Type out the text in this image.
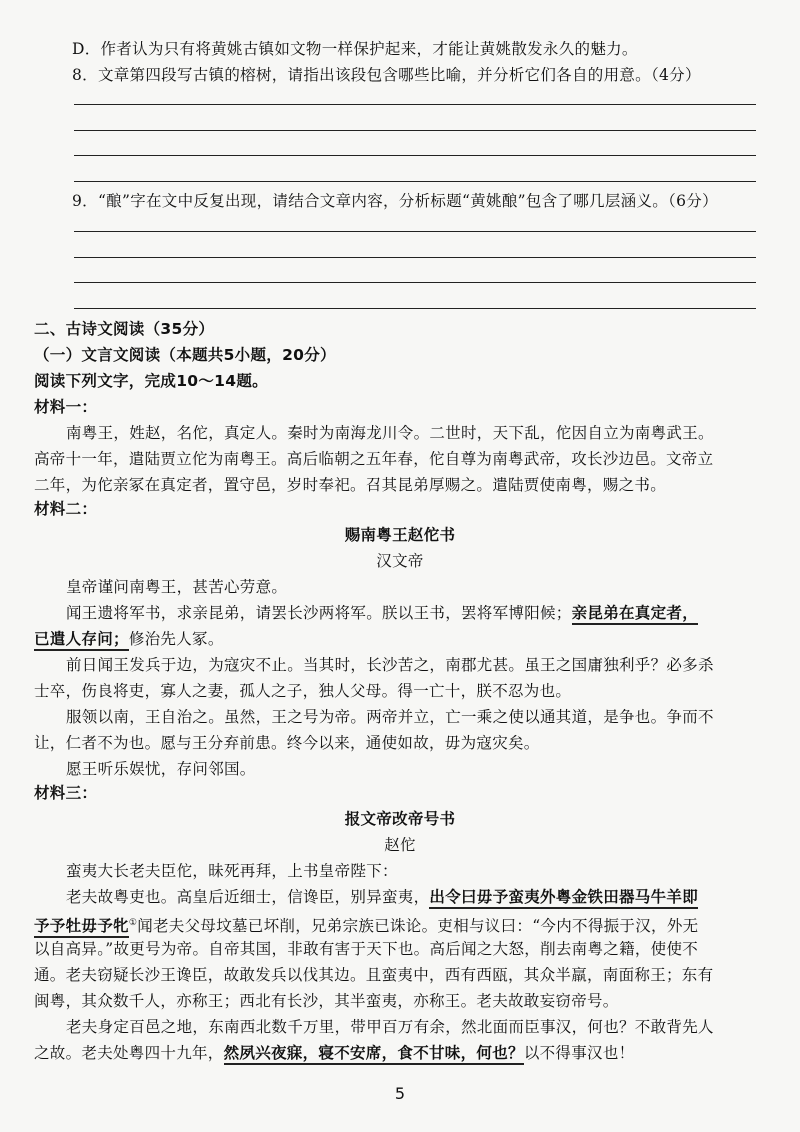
D．作者认为只有将黄姚古镇如文物一样保护起来，才能让黄姚散发永久的魅力。
8．文章第四段写古镇的榕树，请指出该段包含哪些比喻，并分析它们各自的用意。（4分）
9．“酿”字在文中反复出现，请结合文章内容，分析标题“黄姚酿”包含了哪几层涵义。（6分）
二、古诗文阅读（35分）
（一）文言文阅读（本题共5小题，20分）
阅读下列文字，完成10～14题。
材料一：
南粤王，姓赵，名佗，真定人。秦时为南海龙川令。二世时，天下乱，佗因自立为南粤武王。
高帝十一年，遣陆贾立佗为南粤王。高后临朝之五年春，佗自尊为南粤武帝，攻长沙边邑。文帝立
二年，为佗亲冢在真定者，置守邑，岁时奉祀。召其昆弟厚赐之。遣陆贾使南粤，赐之书。
材料二：
赐南粤王赵佗书
汉文帝
皇帝谨问南粤王，甚苦心劳意。
闻王遗将军书，求亲昆弟，请罢长沙两将军。朕以王书，罢将军博阳候；亲昆弟在真定者，
已遣人存问；修治先人冢。
前日闻王发兵于边，为寇灾不止。当其时，长沙苦之，南郡尤甚。虽王之国庸独利乎？必多杀
士卒，伤良将吏，寡人之妻，孤人之子，独人父母。得一亡十，朕不忍为也。
服领以南，王自治之。虽然，王之号为帝。两帝并立，亡一乘之使以通其道，是争也。争而不
让，仁者不为也。愿与王分弃前患。终今以来，通使如故，毋为寇灾矣。
愿王听乐娱忧，存问邻国。
材料三：
报文帝改帝号书
赵佗
蛮夷大长老夫臣佗，昧死再拜，上书皇帝陛下：
老夫故粤吏也。高皇后近细士，信谗臣，别异蛮夷，出令曰毋予蛮夷外粤金铁田器马牛羊即
予予牡毋予牝①闻老夫父母坟墓已坏削，兄弟宗族已诛论。吏相与议曰：“今内不得振于汉，外无
以自高异。”故更号为帝。自帝其国，非敢有害于天下也。高后闻之大怒，削去南粤之籍，使使不
通。老夫窃疑长沙王谗臣，故敢发兵以伐其边。且蛮夷中，西有西瓯，其众半羸，南面称王；东有
闽粤，其众数千人，亦称王；西北有长沙，其半蛮夷，亦称王。老夫故敢妄窃帝号。
老夫身定百邑之地，东南西北数千万里，带甲百万有余，然北面而臣事汉，何也？不敢背先人
之故。老夫处粤四十九年，然夙兴夜寐，寝不安席，食不甘味，何也？以不得事汉也！
5
